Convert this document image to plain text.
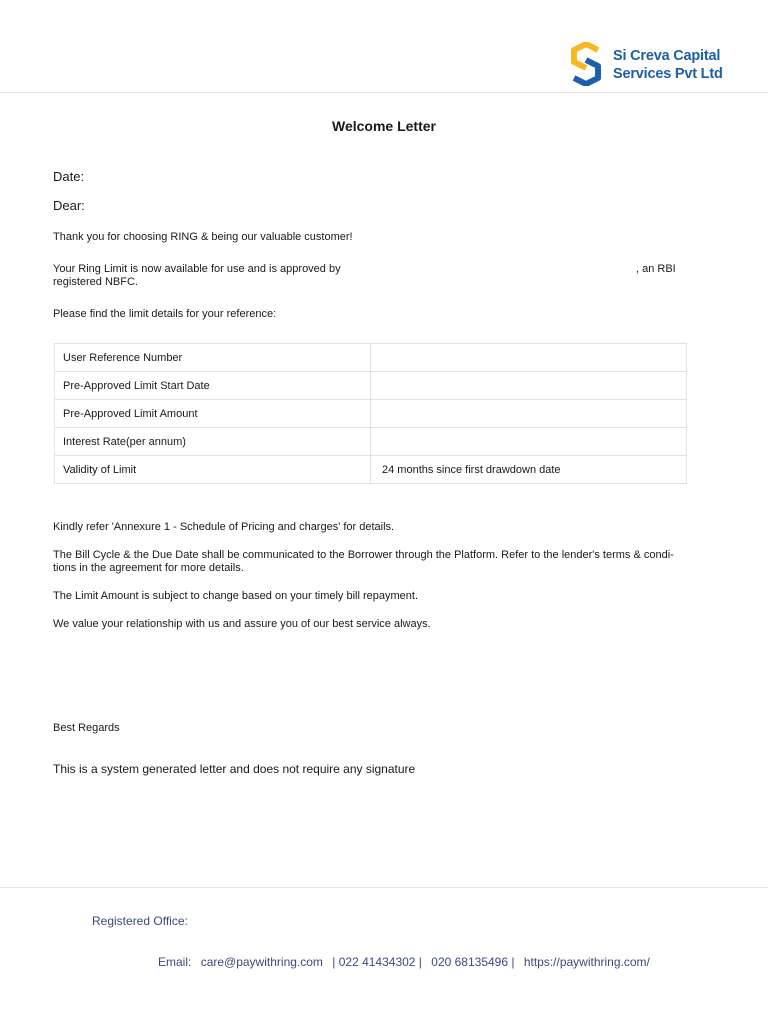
Si Creva Capital
Services Pvt Ltd
Welcome Letter
Date:
Dear:
Thank you for choosing RING & being our valuable customer!
Your Ring Limit is now available for use and is approved by	, an RBI
registered NBFC.
Please find the limit details for your reference:
User Reference Number	
Pre-Approved Limit Start Date	
Pre-Approved Limit Amount	
Interest Rate(per annum)	
Validity of Limit	24 months since first drawdown date
Kindly refer 'Annexure 1 - Schedule of Pricing and charges' for details.
The Bill Cycle & the Due Date shall be communicated to the Borrower through the Platform. Refer to the lender's terms & condi-tions in the agreement for more details.
The Limit Amount is subject to change based on your timely bill repayment.
We value your relationship with us and assure you of our best service always.
Best Regards
This is a system generated letter and does not require any signature
Registered Office:
Email: care@paywithring.com | 022 41434302 | 020 68135496 | https://paywithring.com/
